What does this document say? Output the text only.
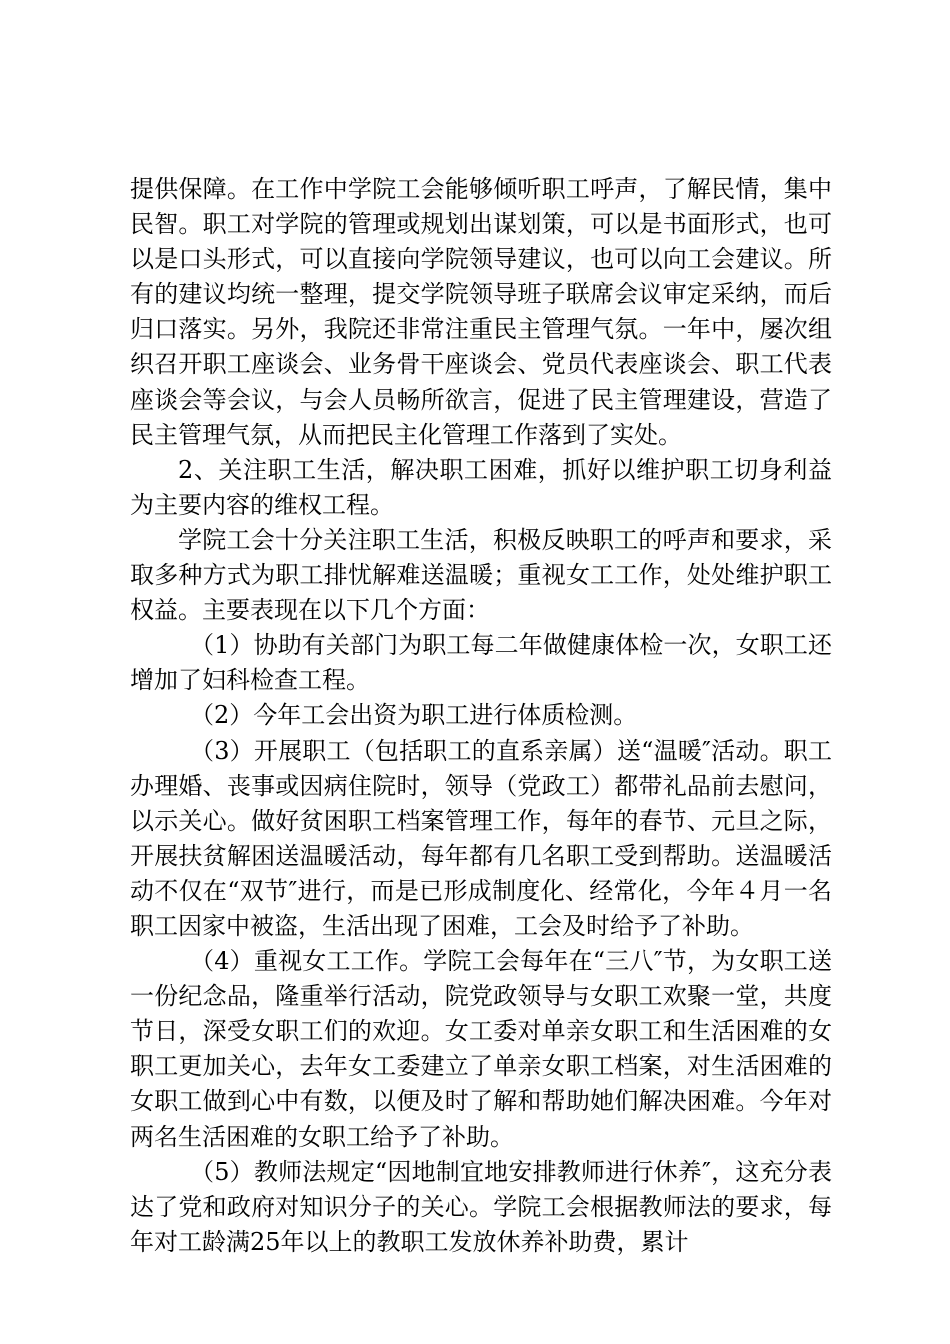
提供保障。在工作中学院工会能够倾听职工呼声，了解民情，集中民智。职工对学院的管理或规划出谋划策，可以是书面形式，也可以是口头形式，可以直接向学院领导建议，也可以向工会建议。所有的建议均统一整理，提交学院领导班子联席会议审定采纳，而后归口落实。另外，我院还非常注重民主管理气氛。一年中，屡次组织召开职工座谈会、业务骨干座谈会、党员代表座谈会、职工代表座谈会等会议，与会人员畅所欲言，促进了民主管理建设，营造了民主管理气氛，从而把民主化管理工作落到了实处。

2、关注职工生活，解决职工困难，抓好以维护职工切身利益为主要内容的维权工程。

学院工会十分关注职工生活，积极反映职工的呼声和要求，采取多种方式为职工排忧解难送温暖；重视女工工作，处处维护职工权益。主要表现在以下几个方面：

（1）协助有关部门为职工每二年做健康体检一次，女职工还增加了妇科检查工程。

（2）今年工会出资为职工进行体质检测。

（3）开展职工（包括职工的直系亲属）送“温暖″活动。职工办理婚、丧事或因病住院时，领导（党政工）都带礼品前去慰问，以示关心。做好贫困职工档案管理工作，每年的春节、元旦之际，开展扶贫解困送温暖活动，每年都有几名职工受到帮助。送温暖活动不仅在“双节″进行，而是已形成制度化、经常化，今年４月一名职工因家中被盗，生活出现了困难，工会及时给予了补助。

（4）重视女工工作。学院工会每年在“三八″节，为女职工送一份纪念品，隆重举行活动，院党政领导与女职工欢聚一堂，共度节日，深受女职工们的欢迎。女工委对单亲女职工和生活困难的女职工更加关心，去年女工委建立了单亲女职工档案，对生活困难的女职工做到心中有数，以便及时了解和帮助她们解决困难。今年对两名生活困难的女职工给予了补助。

（5）教师法规定“因地制宜地安排教师进行休养″，这充分表达了党和政府对知识分子的关心。学院工会根据教师法的要求，每年对工龄满25年以上的教职工发放休养补助费，累计
